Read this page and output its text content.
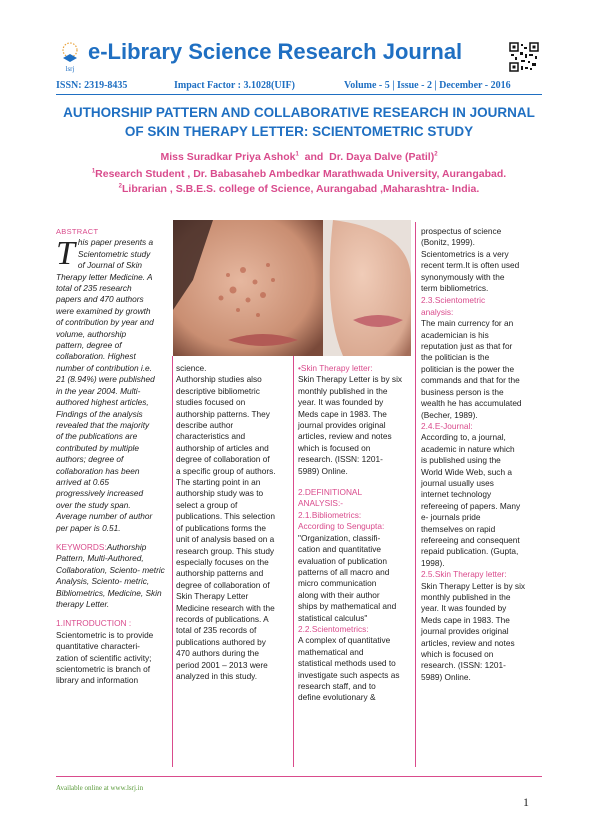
lsrj
e-Library Science Research Journal
ISSN: 2319-8435	Impact Factor : 3.1028(UIF)	Volume - 5 | Issue - 2 | December - 2016
AUTHORSHIP PATTERN AND COLLABORATIVE RESEARCH IN JOURNAL
OF SKIN THERAPY LETTER: SCIENTOMETRIC STUDY
Miss Suradkar Priya Ashok$^1$  and  Dr. Daya Dalve (Patil)$^2$
$^1$Research Student , Dr. Babasaheb Ambedkar Marathwada University, Aurangabad.
$^2$Librarian , S.B.E.S. college of Science, Aurangabad ,Maharashtra- India.
ABSTRACT
T his paper presents a
Scientometric study
of Journal of Skin
Therapy letter Medicine. A
total of 235 research
papers and 470 authors
were examined by growth
of contribution by year and
volume, authorship
pattern, degree of
collaboration. Highest
number of contribution i.e.
21 (8.94%) were published
in the year 2004. Multi-
authored highest articles,
Findings of the analysis
revealed that the majority
of the publications are
contributed by multiple
authors; degree of
collaboration has been
arrived at 0.65
progressively increased
over the study span.
Average number of author
per paper is 0.51.
KEYWORDS:Authorship Pattern, Multi-Authored, Collaboration, Sciento- metric Analysis, Sciento- metric, Bibliometrics, Medicine, Skin therapy Letter.
1.INTRODUCTION :
Scientometric is to provide
quantitative characteri-
zation of scientific activity;
scientometric is branch of
library and information
science.
Authorship studies also
descriptive bibliometric
studies focused on
authorship patterns. They
describe author
characteristics and
authorship of articles and
degree of collaboration of
a specific group of authors.
The starting point in an
authorship study was to
select a group of
publications. This selection
of publications forms the
unit of analysis based on a
research group. This study
especially focuses on the
authorship patterns and
degree of collaboration of
Skin Therapy Letter
Medicine research with the
records of publications. A
total of 235 records of
publications authored by
470 authors during the
period 2001 – 2013 were
analyzed in this study.
•Skin Therapy letter:
Skin Therapy Letter is by six
monthly published in the
year. It was founded by
Meds cape in 1983. The
journal provides original
articles, review and notes
which is focused on
research. (ISSN: 1201-
5989) Online.
2.DEFINITIONAL
ANALYSIS:-
2.1.Bibliometrics:
According to Sengupta:
"Organization, classifi-
cation and quantitative
evaluation of publication
patterns of all macro and
micro communication
along with their author
ships by mathematical and
statistical calculus"
2.2.Scientometrics:
A complex of quantitative
mathematical and
statistical methods used to
investigate such aspects as
research staff, and to
define evolutionary &
prospectus of science
(Bonitz, 1999).
Scientometrics is a very
recent term.It is often used
synonymously with the
term bibliometrics.
2.3.Scientometric
analysis:
The main currency for an
academician is his
reputation just as that for
the politician is the
politician is the power the
commands and that for the
business person is the
wealth he has accumulated
(Becher, 1989).
2.4.E-Journal:
According to, a journal,
academic in nature which
is published using the
World Wide Web, such a
journal usually uses
internet technology
refereeing of papers. Many
e- journals pride
themselves on rapid
refereeing and consequent
repaid publication. (Gupta,
1998).
2.5.Skin Therapy letter:
Skin Therapy Letter is by six
monthly published in the
year. It was founded by
Meds cape in 1983. The
journal provides original
articles, review and notes
which is focused on
research. (ISSN: 1201-
5989) Online.
Available online at www.lsrj.in
1
